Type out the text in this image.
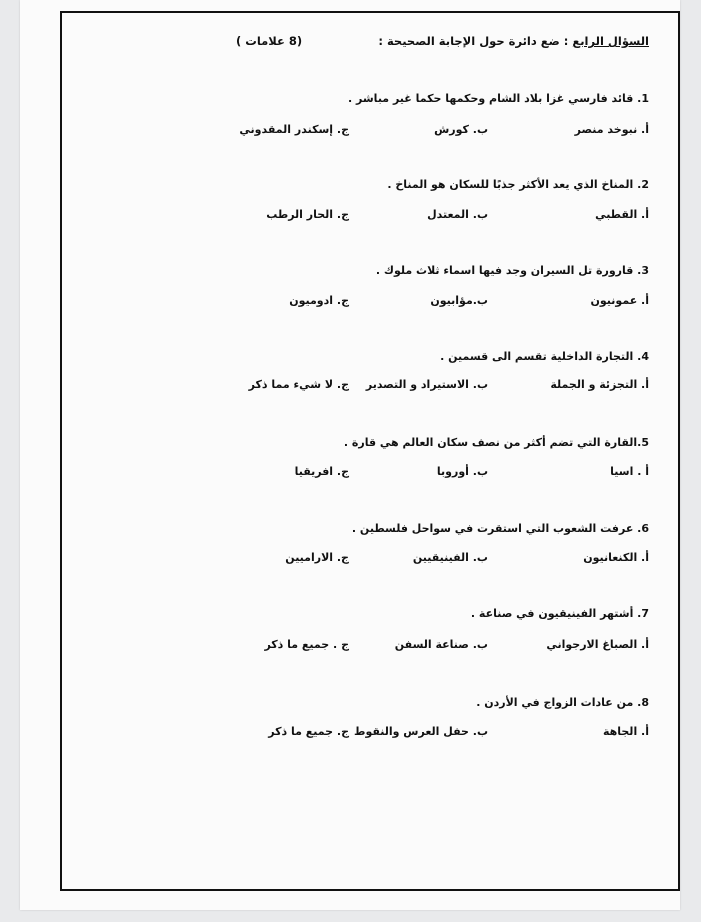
السؤال الرابع : ضع دائرة حول الإجابة الصحيحة :
(8 علامات )
1. قائد فارسي غزا بلاد الشام وحكمها حكما غير مباشر .
أ. نبوخد منصر
ب. كورش
ج. إسكندر المقدوني
2. المناخ الذي يعد الأكثر جذبًا للسكان هو المناخ .
أ. القطبي
ب. المعتدل
ج. الحار الرطب
3. قارورة تل السيران وجد فيها اسماء ثلاث ملوك .
أ. عمونيون
ب.مؤابيون
ج. ادوميون
4. التجارة الداخلية تقسم الى قسمين .
أ. التجزئة و الجملة
ب. الاستيراد و التصدير
ج. لا شيء مما ذكر
5.القارة التي تضم أكثر من نصف سكان العالم هي قارة .
أ . اسيا
ب. أوروبا
ج. افريقيا
6. عرفت الشعوب التي استقرت في سواحل فلسطين .
أ. الكنعانيون
ب. الفينيقيين
ج. الاراميين
7. أشتهر الفينيقيون في صناعة .
أ. الصباغ الارجواني
ب. صناعة السفن
ج . جميع ما ذكر
8. من عادات الزواج في الأردن .
أ. الجاهة
ب. حفل العرس والنقوط
ج. جميع ما ذكر
